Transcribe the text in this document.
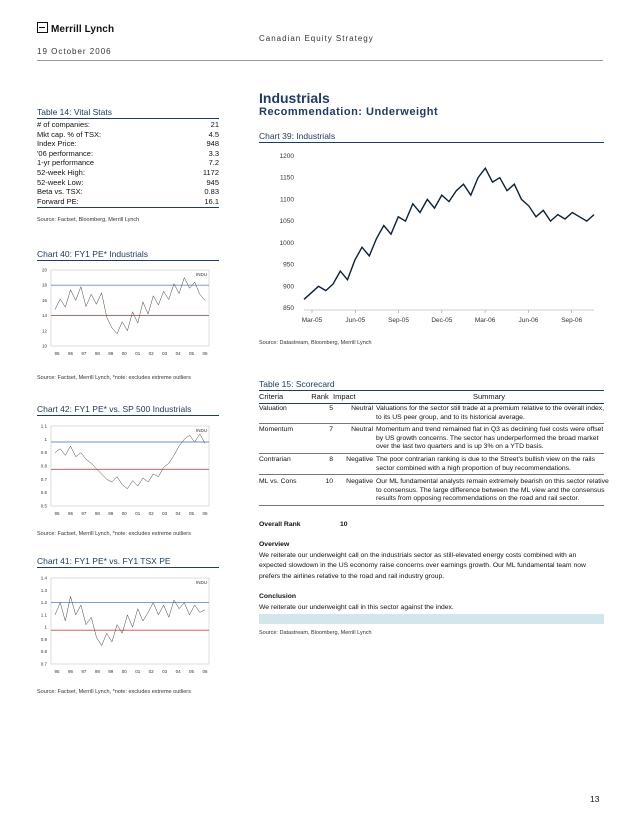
Merrill Lynch
19 October 2006
Canadian Equity Strategy
Industrials
Recommendation: Underweight
Table 14: Vital Stats
# of companies:	21
Mkt cap. % of TSX:	4.5
Index Price:	948
'06 performance:	3.3
1-yr performance	7.2
52-week High:	1172
52-week Low:	945
Beta vs. TSX:	0.83
Forward PE:	16.1
Source: Factset, Bloomberg, Merrill Lynch
Chart 39: Industrials
850
900
950
1000
1050
1100
1150
1200
Mar-05	Jun-05	Sep-05	Dec-05	Mar-06	Jun-06	Sep-06
Source: Datastream, Bloomberg, Merrill Lynch
Chart 40: FY1 PE* Industrials
INDU
10
12
14
16
18
20
95 96 97 98 99 00 01 02 03 04 05 06
Source: Factset, Merrill Lynch, *note: excludes extreme outliers
Chart 42: FY1 PE* vs. SP 500 Industrials
INDU
0.5
0.6
0.7
0.8
0.9
1
1.1
95 96 97 98 99 00 01 02 03 04 05 06
Source: Factset, Merrill Lynch, *note: excludes extreme outliers
Chart 41: FY1 PE* vs. FY1 TSX PE
INDU
0.7
0.8
0.9
1
1.1
1.2
1.3
1.4
95 96 97 98 99 00 01 02 03 04 05 06
Source: Factset, Merrill Lynch, *note: excludes extreme outliers
Table 15: Scorecard
Criteria	Rank Impact	Summary
Valuation	5	Neutral Valuations for the sector still trade at a premium relative to the overall index,
to its US peer group, and to its historical average.
Momentum	7	Neutral Momentum and trend remained flat in Q3 as declining fuel costs were offset
by US growth concerns. The sector has underperformed the broad market
over the last two quarters and is up 3% on a YTD basis.
Contrarian	8	Negative The poor contrarian ranking is due to the Street's bullish view on the rails
sector combined with a high proportion of buy recommendations.
ML vs. Cons	10	Negative Our ML fundamental analysts remain extremely bearish on this sector relative
to consensus. The large difference between the ML view and the consensus
results from opposing recommendations on the road and rail sector.
Overall Rank	10
Overview
We reiterate our underweight call on the industrials sector as still-elevated energy costs combined with an
expected slowdown in the US economy raise concerns over earnings growth. Our ML fundamental team now
prefers the airlines relative to the road and rail industry group.
Conclusion
We reiterate our underweight call in this sector against the index.
Source: Datastream, Bloomberg, Merrill Lynch
13
